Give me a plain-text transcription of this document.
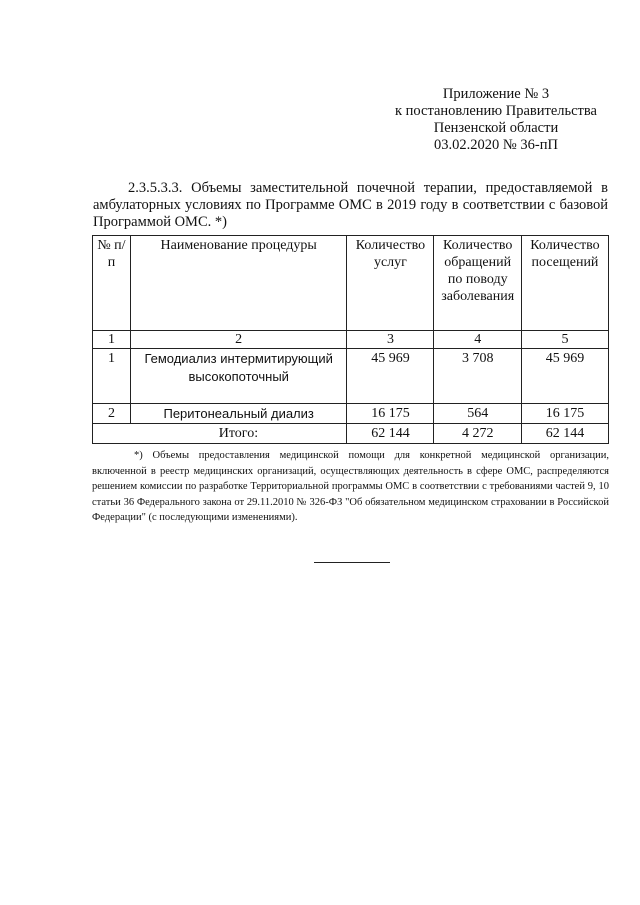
Приложение № 3
к постановлению Правительства
Пензенской области
03.02.2020 № 36-пП
2.3.5.3.3. Объемы заместительной почечной терапии, предоставляемой в амбулаторных условиях по Программе ОМС в 2019 году в соответствии с базовой Программой ОМС. *)
№ п/п	Наименование процедуры	Количество услуг	Количество обращений по поводу заболевания	Количество посещений
1	2	3	4	5
1	Гемодиализ интермитирующий высокопоточный	45 969	3 708	45 969
2	Перитонеальный диализ	16 175	564	16 175
	Итого:	62 144	4 272	62 144
*) Объемы предоставления медицинской помощи для конкретной медицинской организации, включенной в реестр медицинских организаций, осуществляющих деятельность в сфере ОМС, распределяются решением комиссии по разработке Территориальной программы ОМС в соответствии с требованиями частей 9, 10 статьи 36 Федерального закона от 29.11.2010 № 326-ФЗ "Об обязательном медицинском страховании в Российской Федерации" (с последующими изменениями).
